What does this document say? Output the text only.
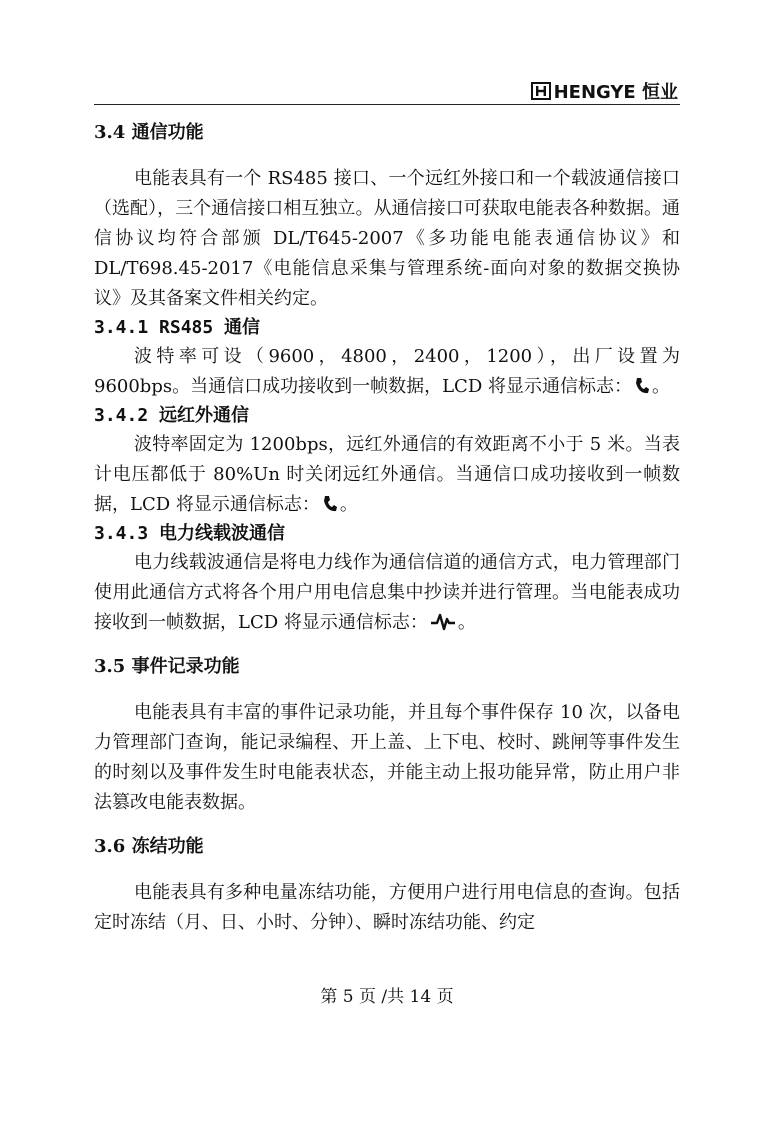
HENGYE 恒业
3.4 通信功能

电能表具有一个 RS485 接口、一个远红外接口和一个载波通信接口（选配），三个通信接口相互独立。从通信接口可获取电能表各种数据。通信协议均符合部颁 DL/T645-2007《多功能电能表通信协议》和 DL/T698.45-2017《电能信息采集与管理系统-面向对象的数据交换协议》及其备案文件相关约定。

3.4.1 RS485 通信

波特率可设（9600，4800，2400，1200），出厂设置为 9600bps。当通信口成功接收到一帧数据，LCD 将显示通信标志： 。

3.4.2 远红外通信

波特率固定为 1200bps，远红外通信的有效距离不小于 5 米。当表计电压都低于 80%Un 时关闭远红外通信。当通信口成功接收到一帧数据，LCD 将显示通信标志： 。

3.4.3 电力线载波通信

电力线载波通信是将电力线作为通信信道的通信方式，电力管理部门使用此通信方式将各个用户用电信息集中抄读并进行管理。当电能表成功接收到一帧数据，LCD 将显示通信标志： 。

3.5 事件记录功能

电能表具有丰富的事件记录功能，并且每个事件保存 10 次，以备电力管理部门查询，能记录编程、开上盖、上下电、校时、跳闸等事件发生的时刻以及事件发生时电能表状态，并能主动上报功能异常，防止用户非法篡改电能表数据。

3.6 冻结功能

电能表具有多种电量冻结功能，方便用户进行用电信息的查询。包括定时冻结（月、日、小时、分钟）、瞬时冻结功能、约定

第 5 页 /共 14 页
